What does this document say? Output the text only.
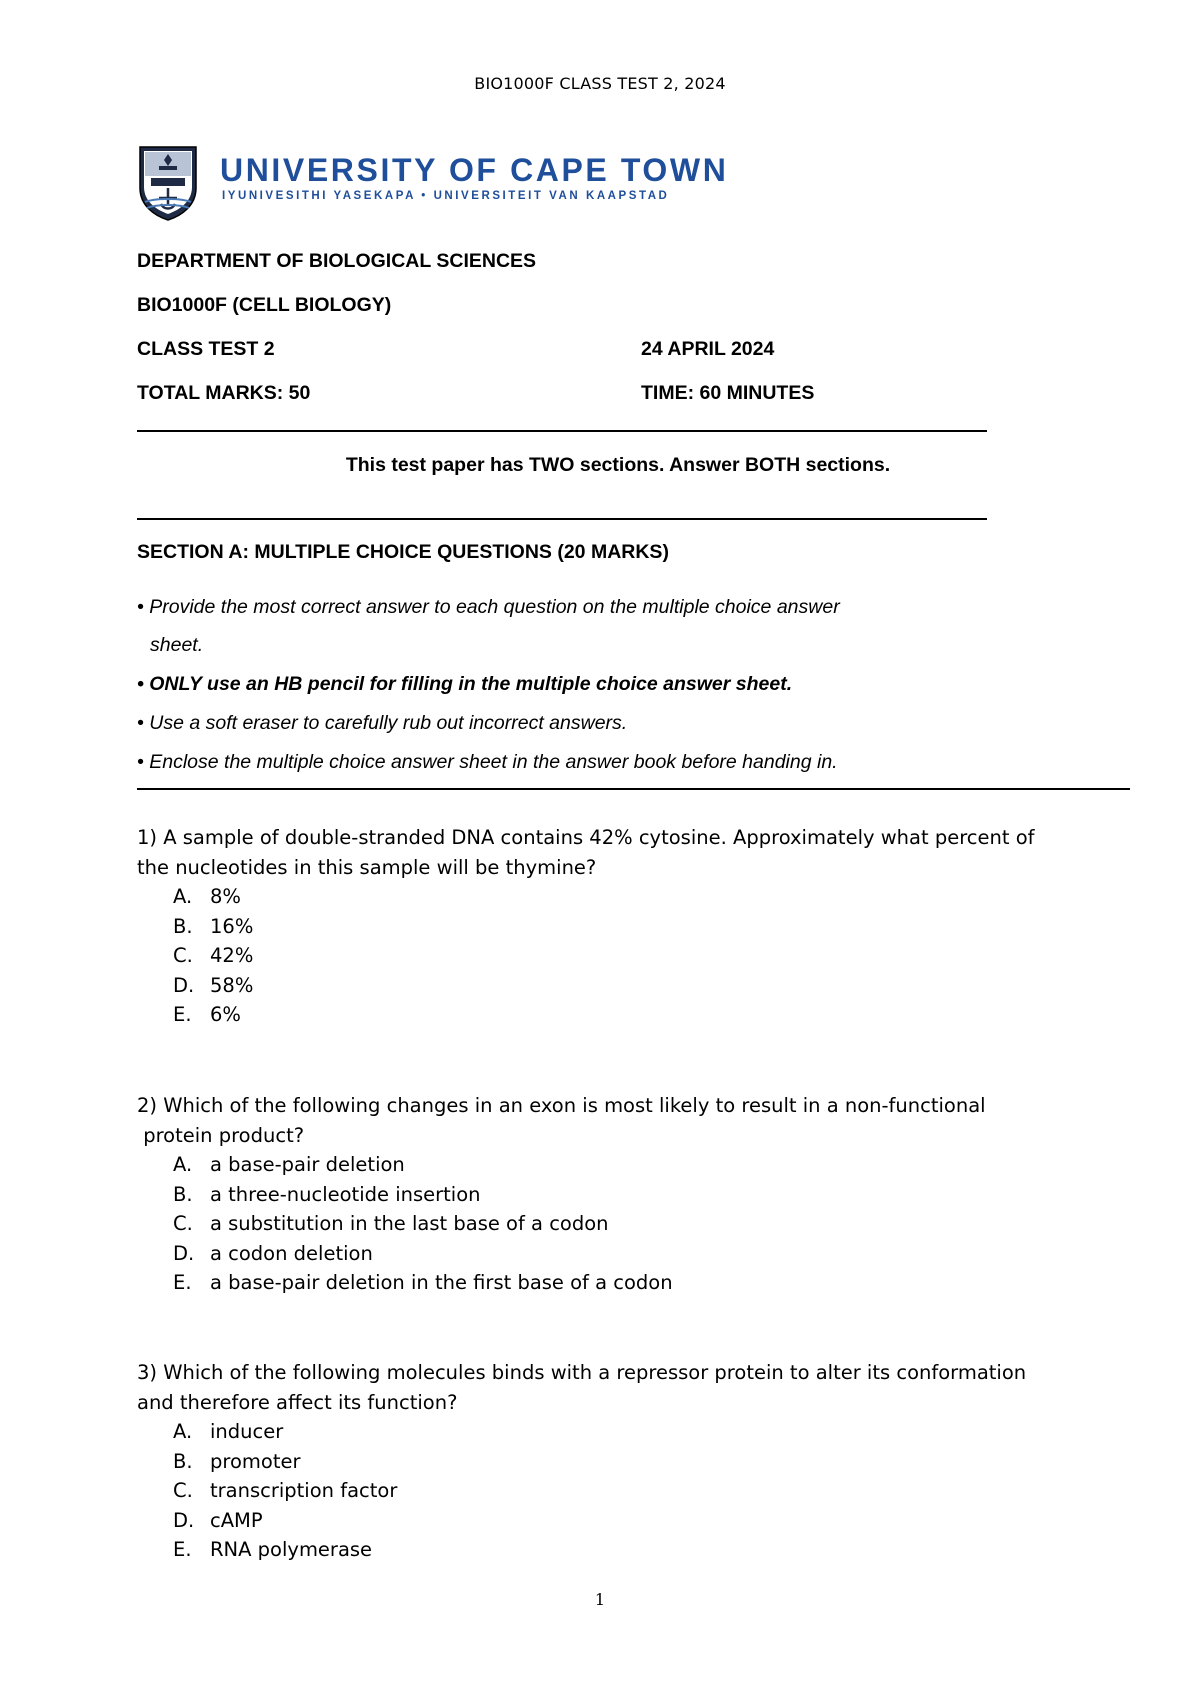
BIO1000F CLASS TEST 2, 2024
UNIVERSITY OF CAPE TOWN
IYUNIVESITHI YASEKAPA • UNIVERSITEIT VAN KAAPSTAD
DEPARTMENT OF BIOLOGICAL SCIENCES
BIO1000F (CELL BIOLOGY)
CLASS TEST 2	24 APRIL 2024
TOTAL MARKS: 50	TIME: 60 MINUTES
This test paper has TWO sections. Answer BOTH sections.
SECTION A: MULTIPLE CHOICE QUESTIONS (20 MARKS)
• Provide the most correct answer to each question on the multiple choice answer
sheet.
• ONLY use an HB pencil for filling in the multiple choice answer sheet.
• Use a soft eraser to carefully rub out incorrect answers.
• Enclose the multiple choice answer sheet in the answer book before handing in.

1) A sample of double-stranded DNA contains 42% cytosine. Approximately what percent of

the nucleotides in this sample will be thymine?

A. 8%
B. 16%
C. 42%
D. 58%
E. 6%

2) Which of the following changes in an exon is most likely to result in a non-functional

protein product?

A. a base-pair deletion
B. a three-nucleotide insertion
C. a substitution in the last base of a codon
D. a codon deletion
E. a base-pair deletion in the first base of a codon

3) Which of the following molecules binds with a repressor protein to alter its conformation

and therefore affect its function?

A. inducer
B. promoter
C. transcription factor
D. cAMP
E. RNA polymerase
1
